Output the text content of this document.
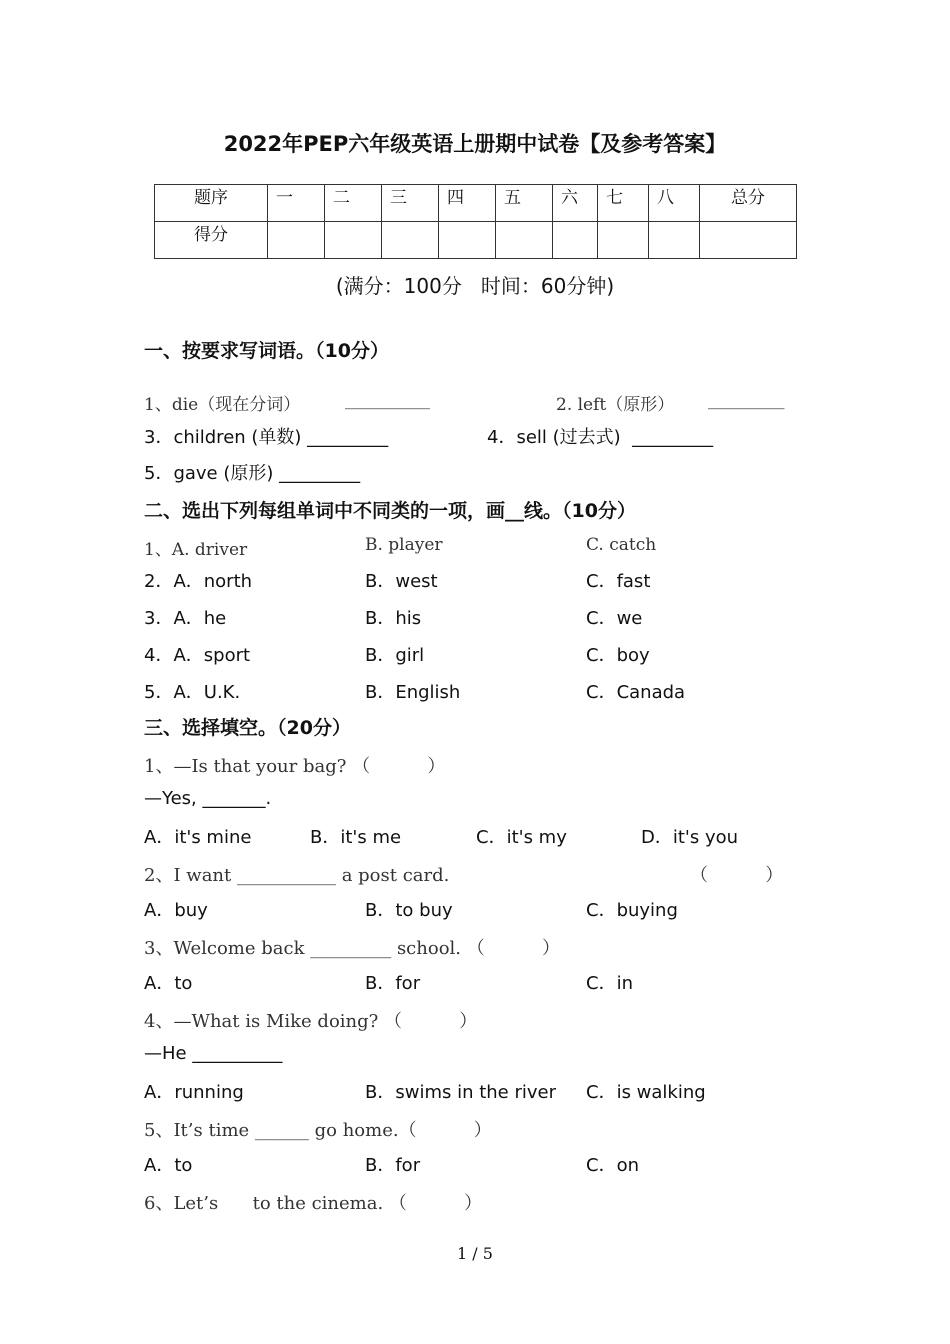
2022年PEP六年级英语上册期中试卷【及参考答案】
题序	一	二	三	四	五	六	七	八	总分
得分									
(满分：100分   时间：60分钟)
一、按要求写词语。（10分）
1、die（现在分词）	__________	2. left（原形） _________
3．children (单数) _________	4．sell (过去式)  _________
5．gave (原形) _________
二、选出下列每组单词中不同类的一项，画__线。（10分）
1、A. driver	B. player	C. catch
2．A．north	B．west	C．fast
3．A．he	B．his	C．we
4．A．sport	B．girl	C．boy
5．A．U.K.	B．English	C．Canada
三、选择填空。（20分）
1、—Is that your bag? （          ）
—Yes, _______.
A．it's mine	B．it's me	C．it's my	D．it's you
2、I want ___________ a post card.	（          ）
A．buy	B．to buy	C．buying
3、Welcome back _________ school. （          ）
A．to	B．for	C．in
4、—What is Mike doing? （          ）
—He __________
A．running	B．swims in the river C．is walking
5、It’s time ______ go home.（          ）
A．to	B．for	C．on
6、Let’s      to the cinema. （          ）
1 / 5
